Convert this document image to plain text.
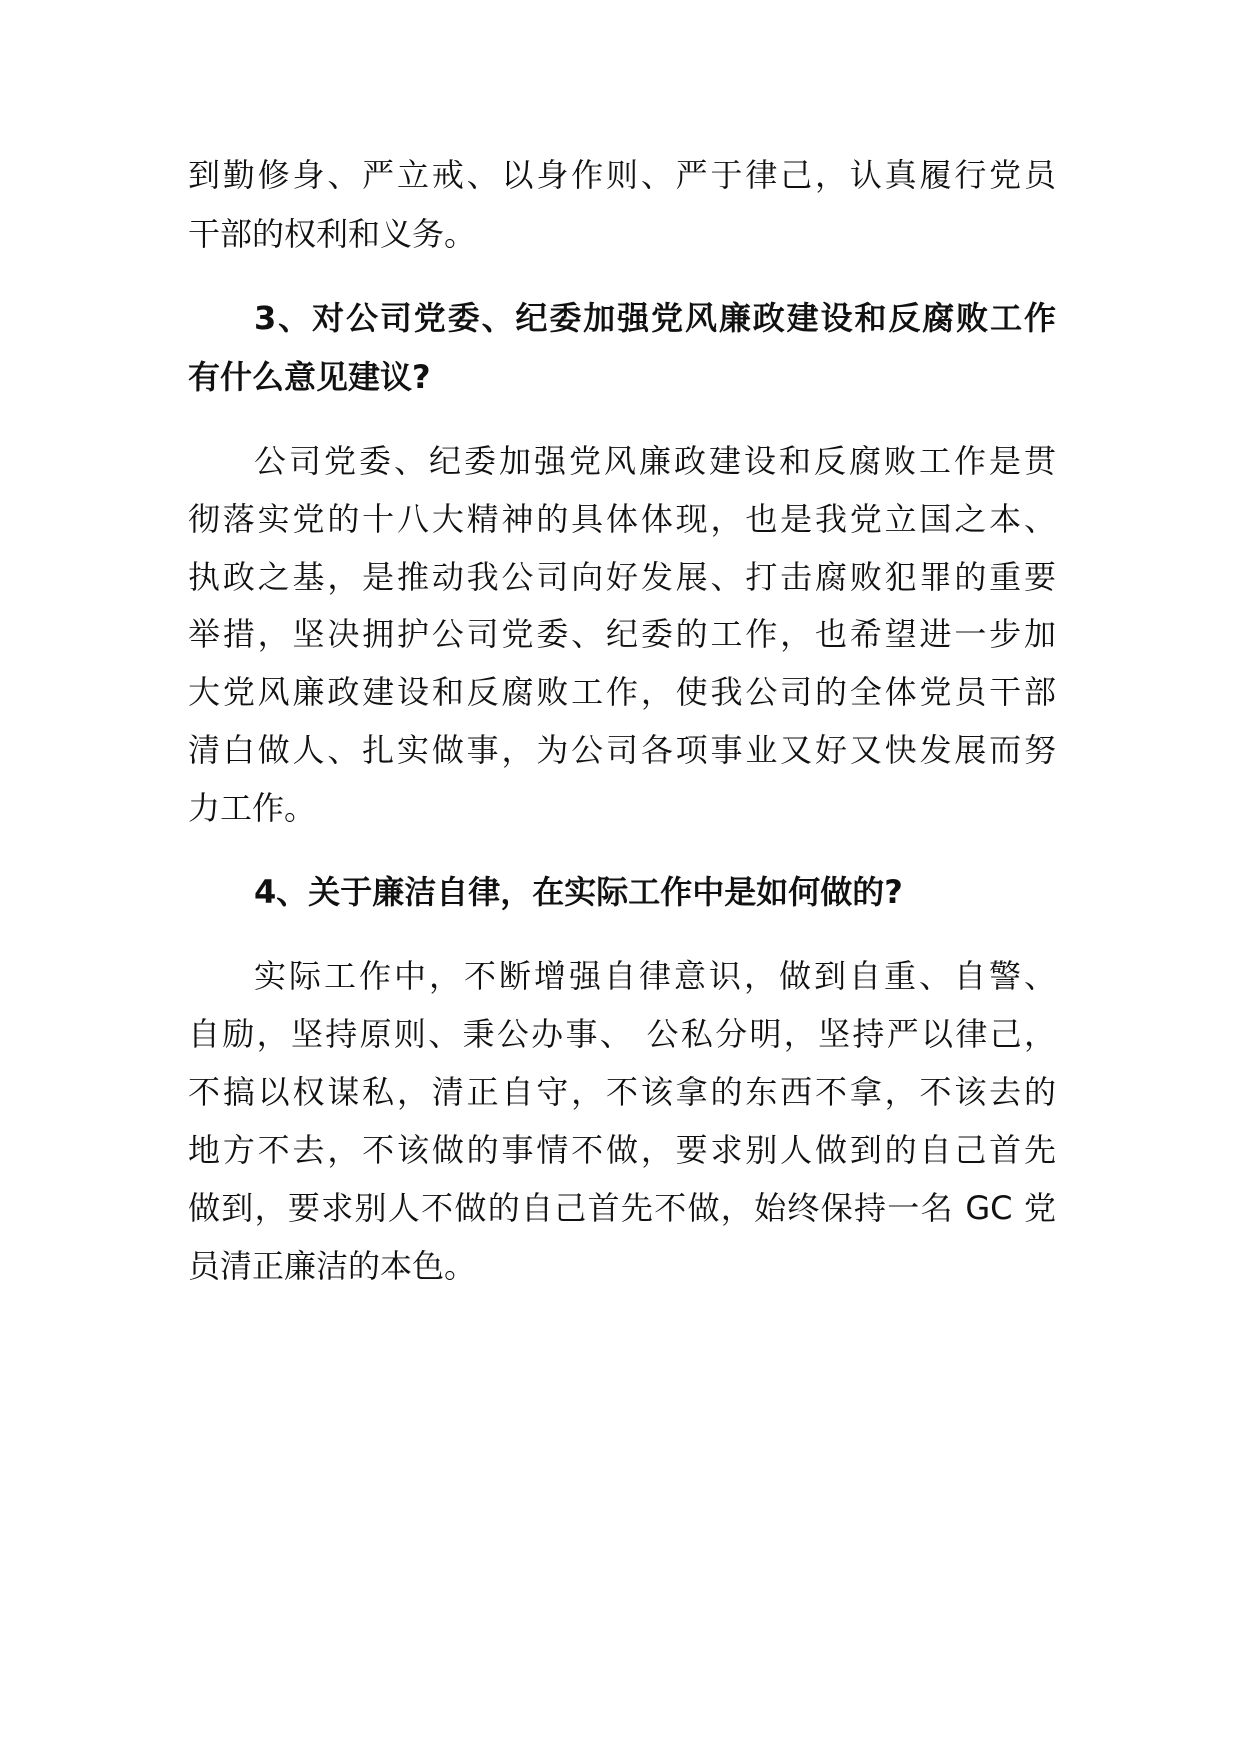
到勤修身、严立戒、以身作则、严于律己，认真履行党员
干部的权利和义务。
3、对公司党委、纪委加强党风廉政建设和反腐败工作
有什么意见建议?
公司党委、纪委加强党风廉政建设和反腐败工作是贯
彻落实党的十八大精神的具体体现，也是我党立国之本、
执政之基，是推动我公司向好发展、打击腐败犯罪的重要
举措，坚决拥护公司党委、纪委的工作，也希望进一步加
大党风廉政建设和反腐败工作，使我公司的全体党员干部
清白做人、扎实做事，为公司各项事业又好又快发展而努
力工作。
4、关于廉洁自律，在实际工作中是如何做的?
实际工作中，不断增强自律意识，做到自重、自警、
自励，坚持原则、秉公办事、 公私分明，坚持严以律己，
不搞以权谋私，清正自守，不该拿的东西不拿，不该去的
地方不去，不该做的事情不做，要求别人做到的自己首先
做到，要求别人不做的自己首先不做，始终保持一名 GC 党
员清正廉洁的本色。
